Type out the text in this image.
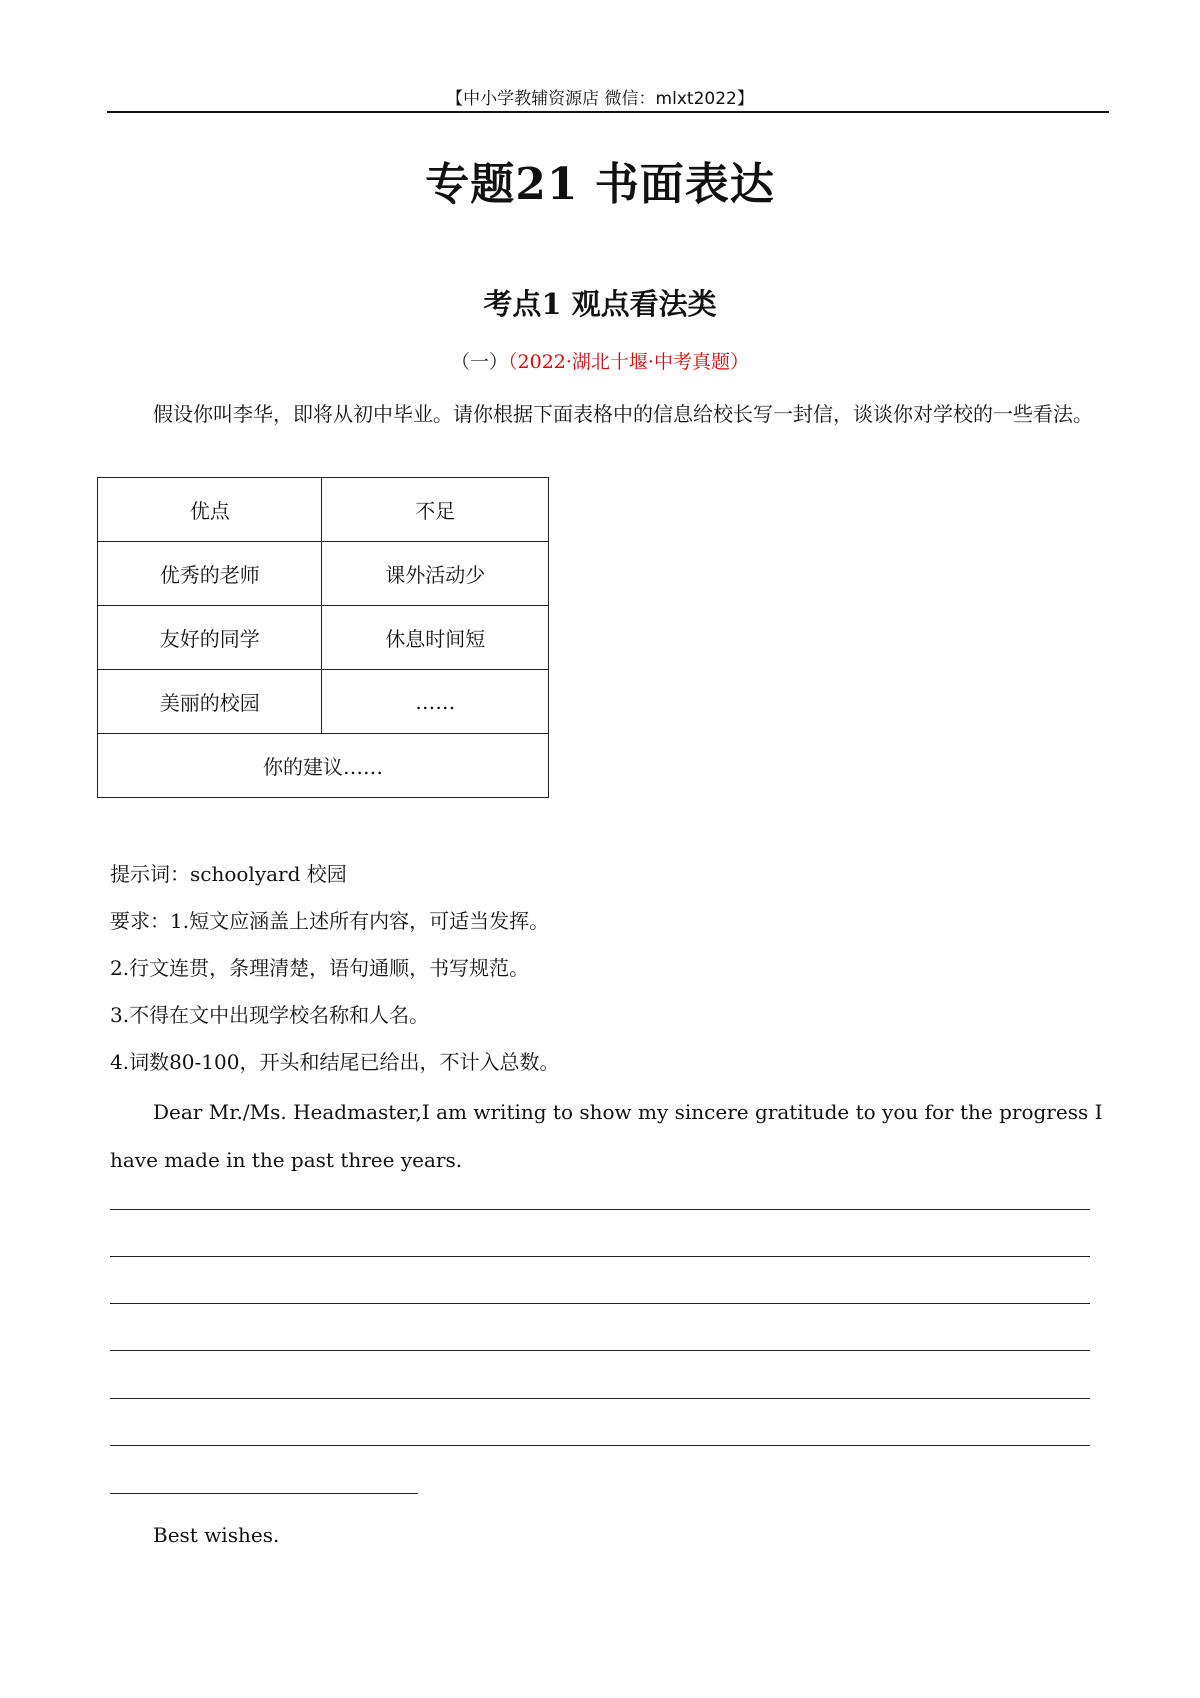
【中小学教辅资源店 微信：mlxt2022】
专题21 书面表达
考点1 观点看法类
（一）（2022·湖北十堰·中考真题）
假设你叫李华，即将从初中毕业。请你根据下面表格中的信息给校长写一封信，谈谈你对学校的一些看法。
优点	不足
优秀的老师	课外活动少
友好的同学	休息时间短
美丽的校园	……
你的建议……	
提示词：schoolyard 校园
要求：1.短文应涵盖上述所有内容，可适当发挥。
2.行文连贯，条理清楚，语句通顺，书写规范。
3.不得在文中出现学校名称和人名。
4.词数80-100，开头和结尾已给出，不计入总数。
Dear Mr./Ms. Headmaster,I am writing to show my sincere gratitude to you for the progress I have made in the past three years.
Best wishes.
